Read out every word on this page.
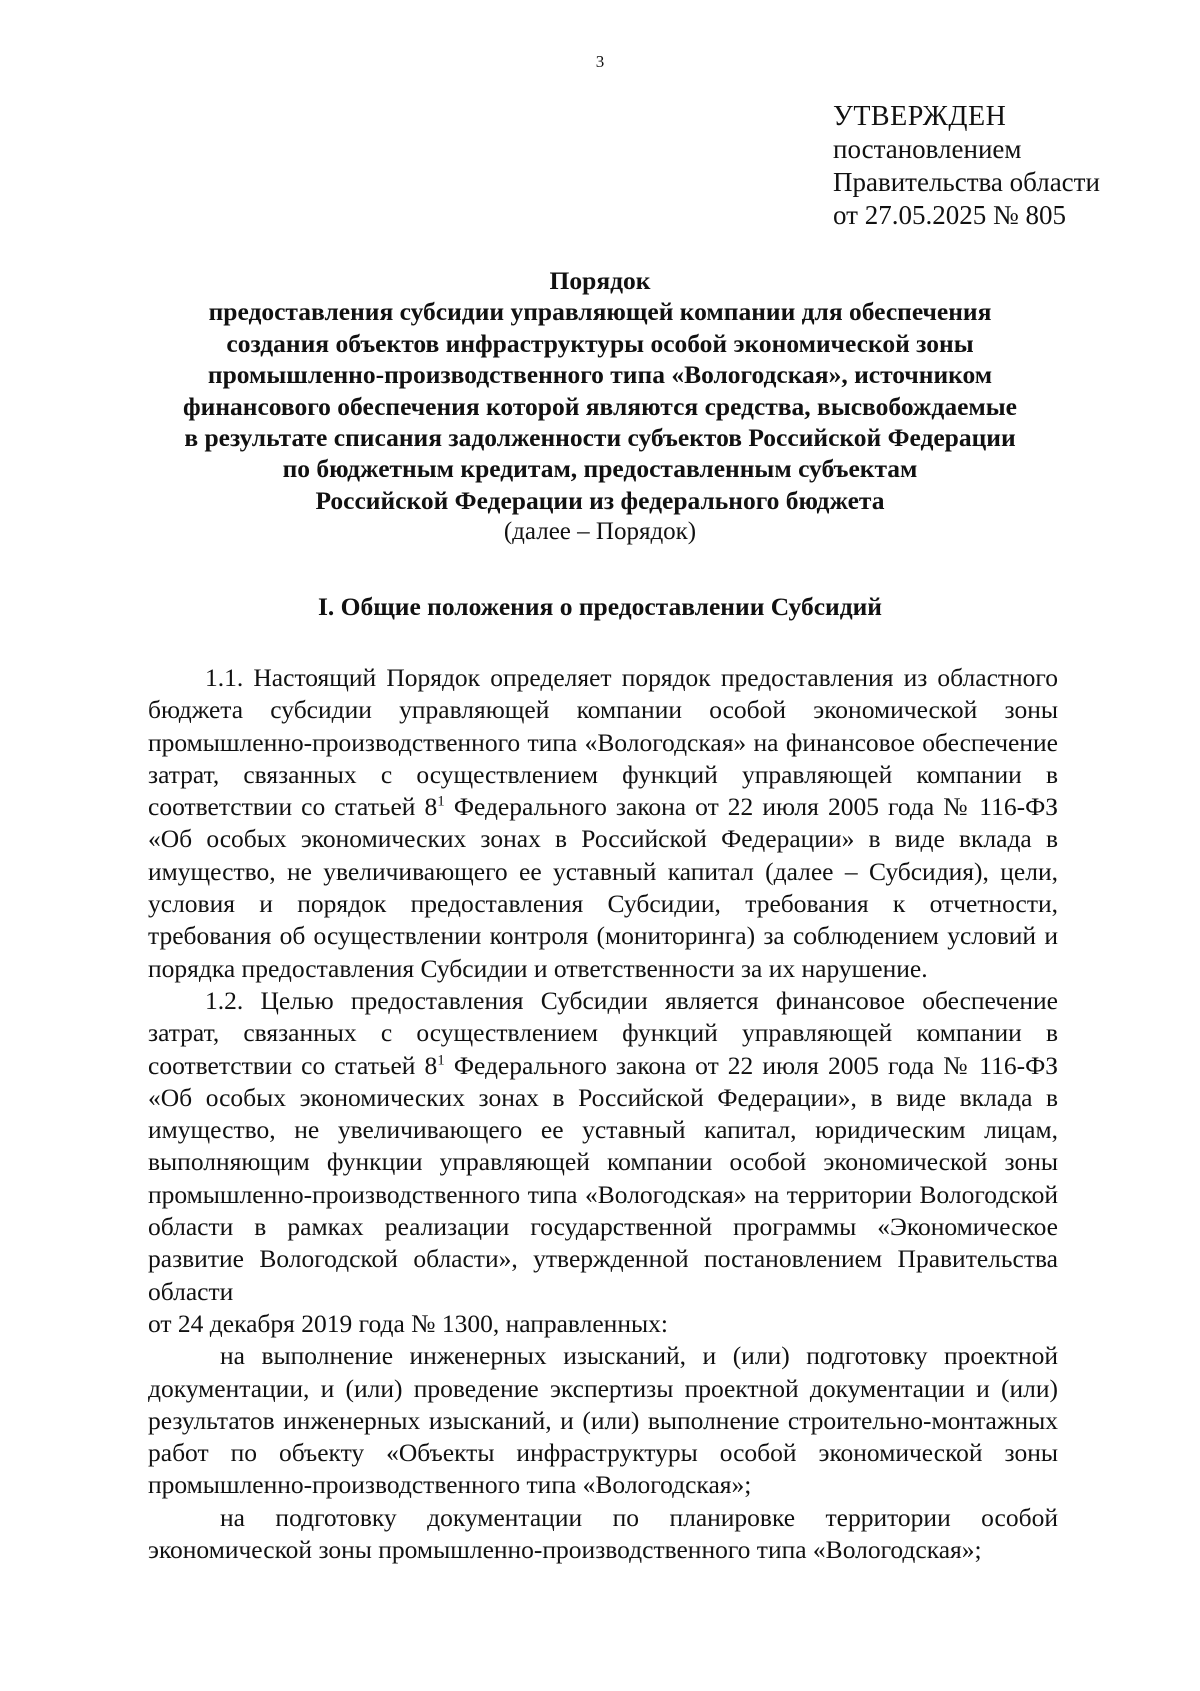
3
УТВЕРЖДЕН
постановлением
Правительства области
от 27.05.2025 № 805
Порядок
предоставления субсидии управляющей компании для обеспечения
создания объектов инфраструктуры особой экономической зоны
промышленно-производственного типа «Вологодская», источником
финансового обеспечения которой являются средства, высвобождаемые
в результате списания задолженности субъектов Российской Федерации
по бюджетным кредитам, предоставленным субъектам
Российской Федерации из федерального бюджета
(далее – Порядок)
I. Общие положения о предоставлении Субсидий

1.1. Настоящий Порядок определяет порядок предоставления из областного бюджета субсидии управляющей компании особой экономической зоны промышленно-производственного типа «Вологодская» на финансовое обеспечение затрат, связанных с осуществлением функций управляющей компании в соответствии со статьей $8^1$ Федерального закона от 22 июля 2005 года № 116-ФЗ «Об особых экономических зонах в Российской Федерации» в виде вклада в имущество, не увеличивающего ее уставный капитал (далее – Субсидия), цели, условия и порядок предоставления Субсидии, требования к отчетности, требования об осуществлении контроля (мониторинга) за соблюдением условий и порядка предоставления Субсидии и ответственности за их нарушение.

1.2. Целью предоставления Субсидии является финансовое обеспечение затрат, связанных с осуществлением функций управляющей компании в соответствии со статьей $8^1$ Федерального закона от 22 июля 2005 года № 116-ФЗ «Об особых экономических зонах в Российской Федерации», в виде вклада в имущество, не увеличивающего ее уставный капитал, юридическим лицам, выполняющим функции управляющей компании особой экономической зоны промышленно-производственного типа «Вологодская» на территории Вологодской области в рамках реализации государственной программы «Экономическое развитие Вологодской области», утвержденной постановлением Правительства области

от 24 декабря 2019 года № 1300, направленных:

на выполнение инженерных изысканий, и (или) подготовку проектной документации, и (или) проведение экспертизы проектной документации и (или) результатов инженерных изысканий, и (или) выполнение строительно-монтажных работ по объекту «Объекты инфраструктуры особой экономической зоны промышленно-производственного типа «Вологодская»;

на подготовку документации по планировке территории особой экономической зоны промышленно-производственного типа «Вологодская»;
